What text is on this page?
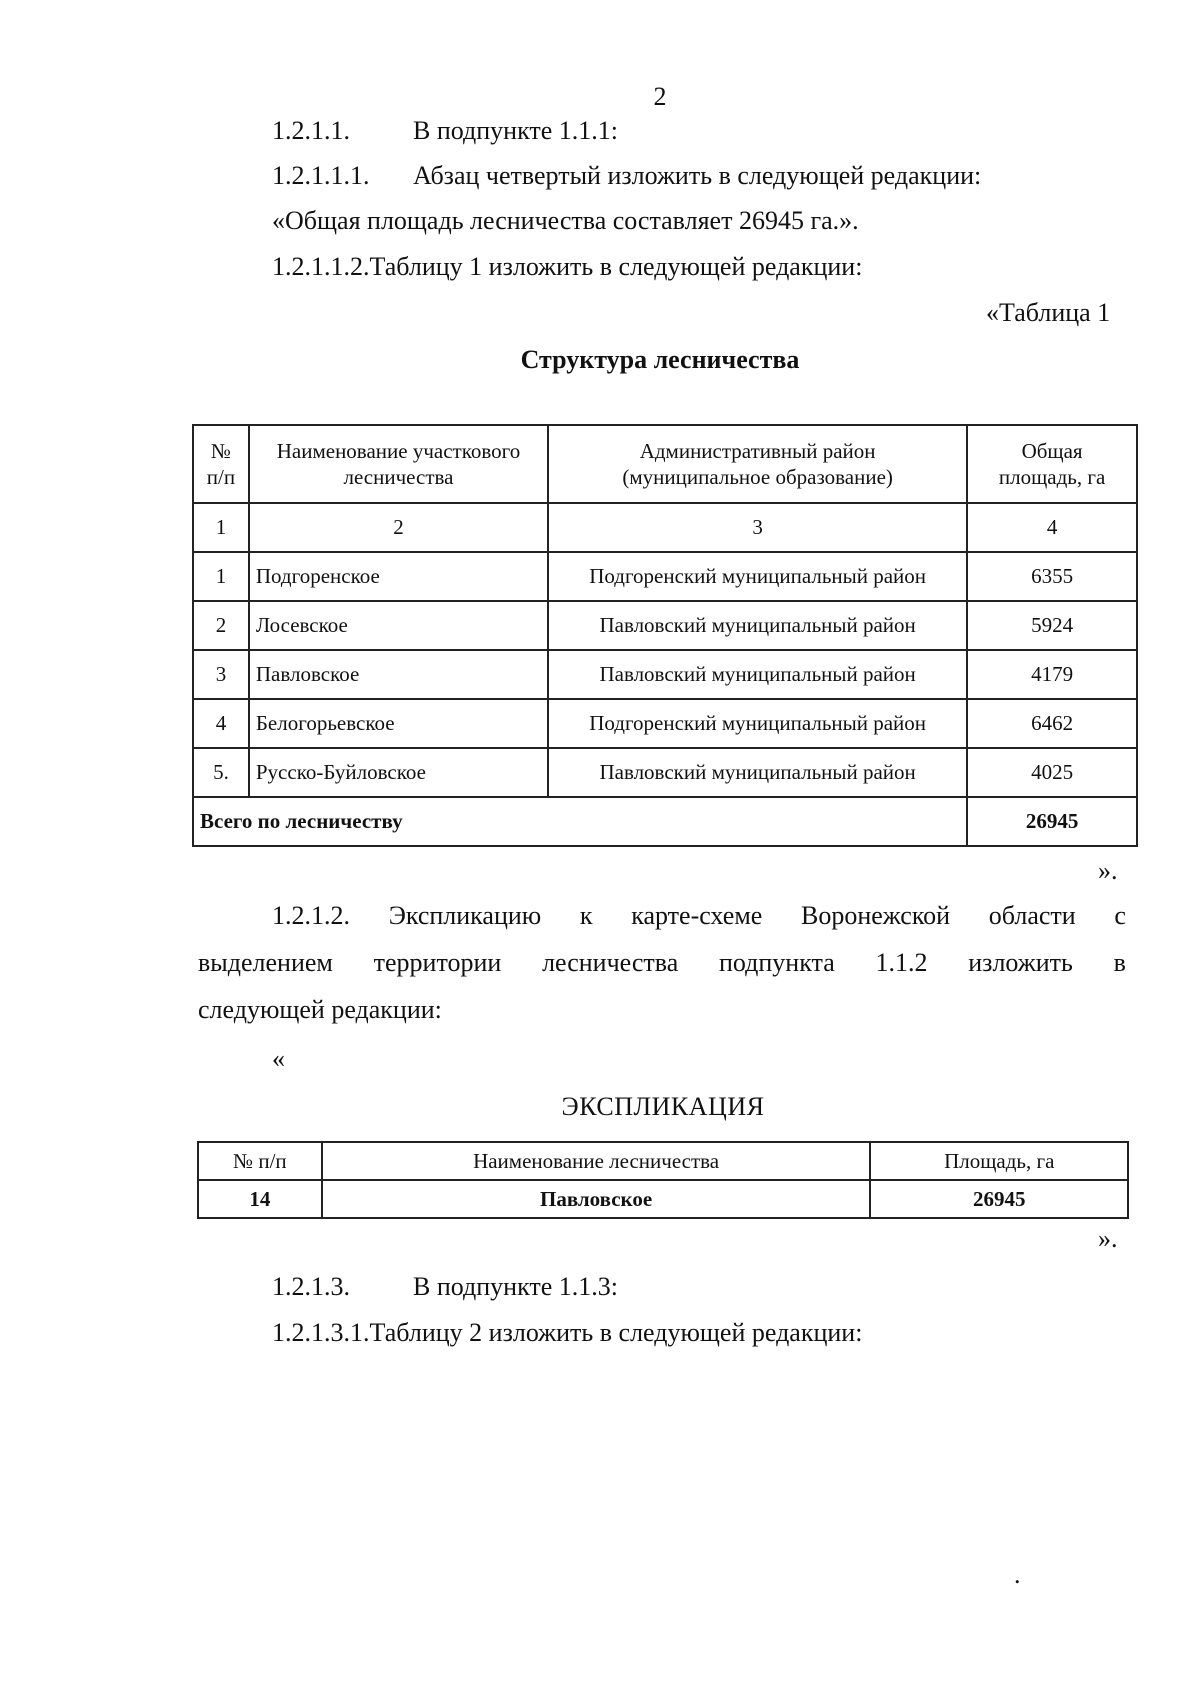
2
1.2.1.1. В подпункте 1.1.1:
1.2.1.1.1. Абзац четвертый изложить в следующей редакции:
«Общая площадь лесничества составляет 26945 га.».
1.2.1.1.2.Таблицу 1 изложить в следующей редакции:
«Таблица 1
Структура лесничества
№ п/п	Наименование участкового лесничества	Административный район (муниципальное образование)	Общая площадь, га
1	2	3	4
1	Подгоренское	Подгоренский муниципальный район	6355
2	Лосевское	Павловский муниципальный район	5924
3	Павловское	Павловский муниципальный район	4179
4	Белогорьевское	Подгоренский муниципальный район	6462
5.	Русско-Буйловское	Павловский муниципальный район	4025
Всего по лесничеству			26945
».
1.2.1.2. Экспликацию к карте-схеме Воронежской области с
выделением территории лесничества подпункта 1.1.2 изложить в
следующей редакции:
«
ЭКСПЛИКАЦИЯ
№ п/п	Наименование лесничества	Площадь, га
14	Павловское	26945
».
1.2.1.3. В подпункте 1.1.3:
1.2.1.3.1.Таблицу 2 изложить в следующей редакции:
.
